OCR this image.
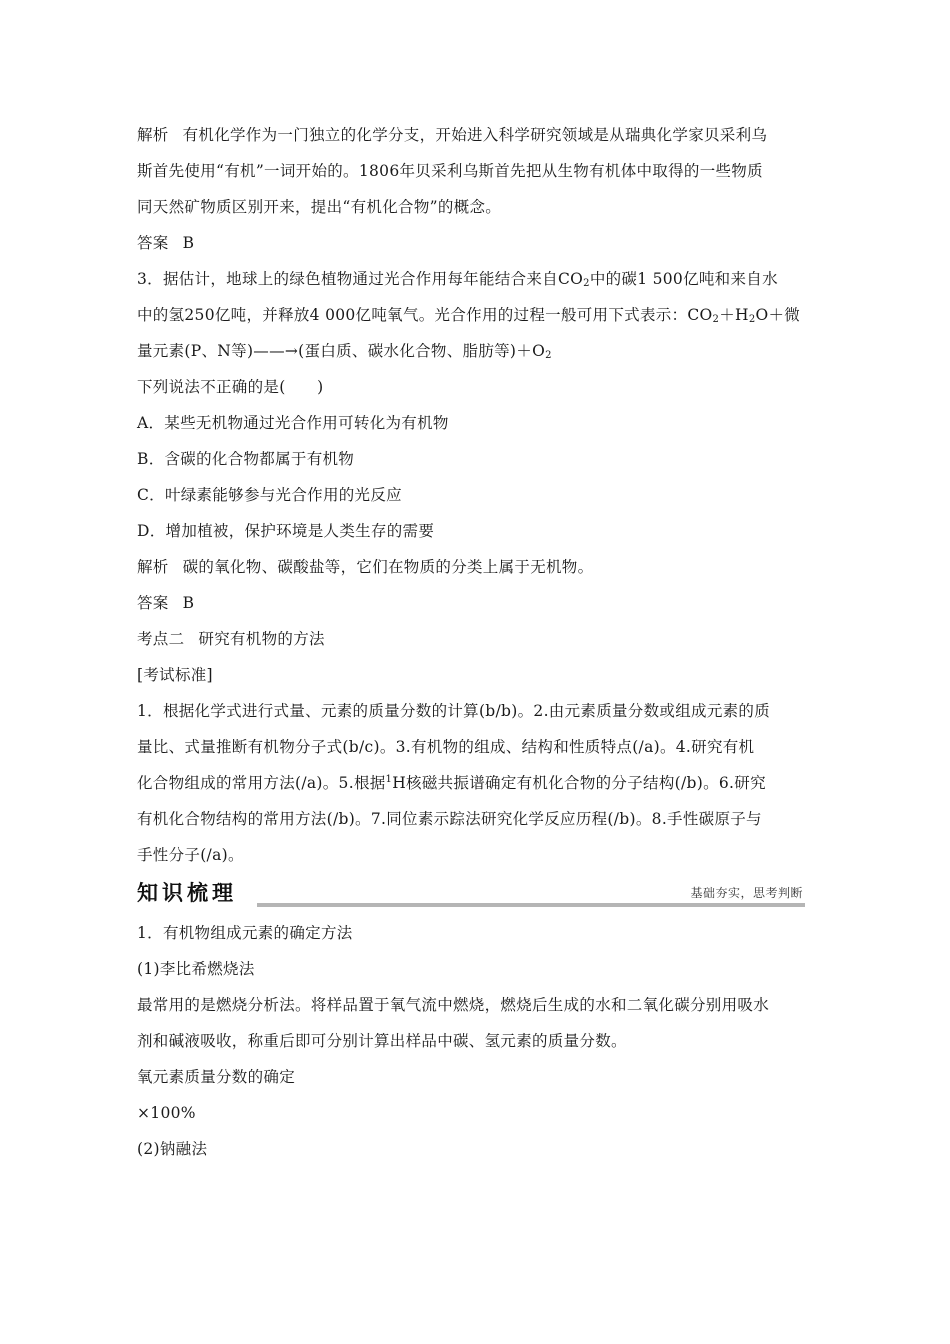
解析 有机化学作为一门独立的化学分支，开始进入科学研究领域是从瑞典化学家贝采利乌
斯首先使用“有机”一词开始的。1806年贝采利乌斯首先把从生物有机体中取得的一些物质
同天然矿物质区别开来，提出“有机化合物”的概念。
答案 B
3．据估计，地球上的绿色植物通过光合作用每年能结合来自$CO_2$中的碳1 500亿吨和来自水
中的氢250亿吨，并释放4 000亿吨氧气。光合作用的过程一般可用下式表示：$CO_2+H_2O+$微
量元素(P、N等)——→(蛋白质、碳水化合物、脂肪等)$+O_2$
下列说法不正确的是(　　)
A．某些无机物通过光合作用可转化为有机物
B．含碳的化合物都属于有机物
C．叶绿素能够参与光合作用的光反应
D．增加植被，保护环境是人类生存的需要
解析 碳的氧化物、碳酸盐等，它们在物质的分类上属于无机物。
答案 B
考点二 研究有机物的方法
[考试标准]
1．根据化学式进行式量、元素的质量分数的计算(b/b)。2.由元素质量分数或组成元素的质
量比、式量推断有机物分子式(b/c)。3.有机物的组成、结构和性质特点(/a)。4.研究有机
化合物组成的常用方法(/a)。5.根据$^1$H核磁共振谱确定有机化合物的分子结构(/b)。6.研究
有机化合物结构的常用方法(/b)。7.同位素示踪法研究化学反应历程(/b)。8.手性碳原子与
手性分子(/a)。
知识梳理	基础夯实，思考判断
1．有机物组成元素的确定方法
(1)李比希燃烧法
最常用的是燃烧分析法。将样品置于氧气流中燃烧，燃烧后生成的水和二氧化碳分别用吸水
剂和碱液吸收，称重后即可分别计算出样品中碳、氢元素的质量分数。
氧元素质量分数的确定
×100%
(2)钠融法
